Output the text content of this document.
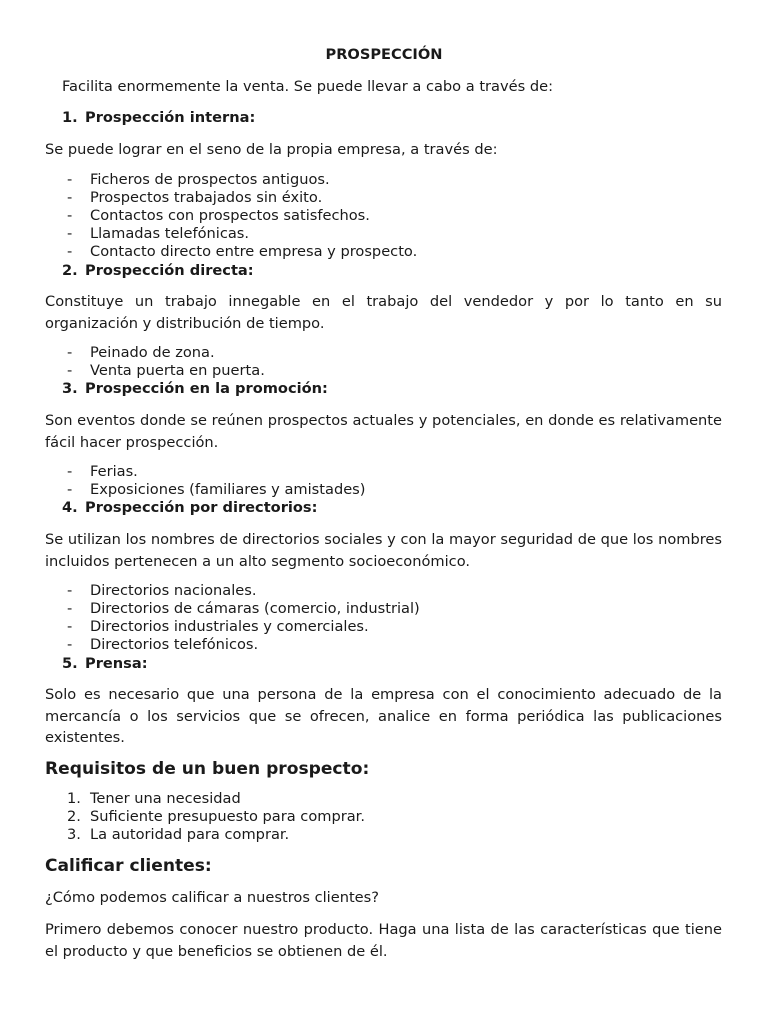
PROSPECCIÓN

Facilita enormemente la venta. Se puede llevar a cabo a través de:

1. Prospección interna:

Se puede lograr en el seno de la propia empresa, a través de:

- Ficheros de prospectos antiguos.
- Prospectos trabajados sin éxito.
- Contactos con prospectos satisfechos.
- Llamadas telefónicas.
- Contacto directo entre empresa y prospecto.
2. Prospección directa:

Constituye un trabajo innegable en el trabajo del vendedor y por lo tanto en su organización y distribución de tiempo.

- Peinado de zona.
- Venta puerta en puerta.
3. Prospección en la promoción:

Son eventos donde se reúnen prospectos actuales y potenciales, en donde es relativamente fácil hacer prospección.

- Ferias.
- Exposiciones (familiares y amistades)
4. Prospección por directorios:

Se utilizan los nombres de directorios sociales y con la mayor seguridad de que los nombres incluidos pertenecen a un alto segmento socioeconómico.

- Directorios nacionales.
- Directorios de cámaras (comercio, industrial)
- Directorios industriales y comerciales.
- Directorios telefónicos.
5. Prensa:

Solo es necesario que una persona de la empresa con el conocimiento adecuado de la mercancía o los servicios que se ofrecen, analice en forma periódica las publicaciones existentes.

Requisitos de un buen prospecto:
1. Tener una necesidad
2. Suficiente presupuesto para comprar.
3. La autoridad para comprar.
Calificar clientes:

¿Cómo podemos calificar a nuestros clientes?

Primero debemos conocer nuestro producto. Haga una lista de las características que tiene el producto y que beneficios se obtienen de él.
